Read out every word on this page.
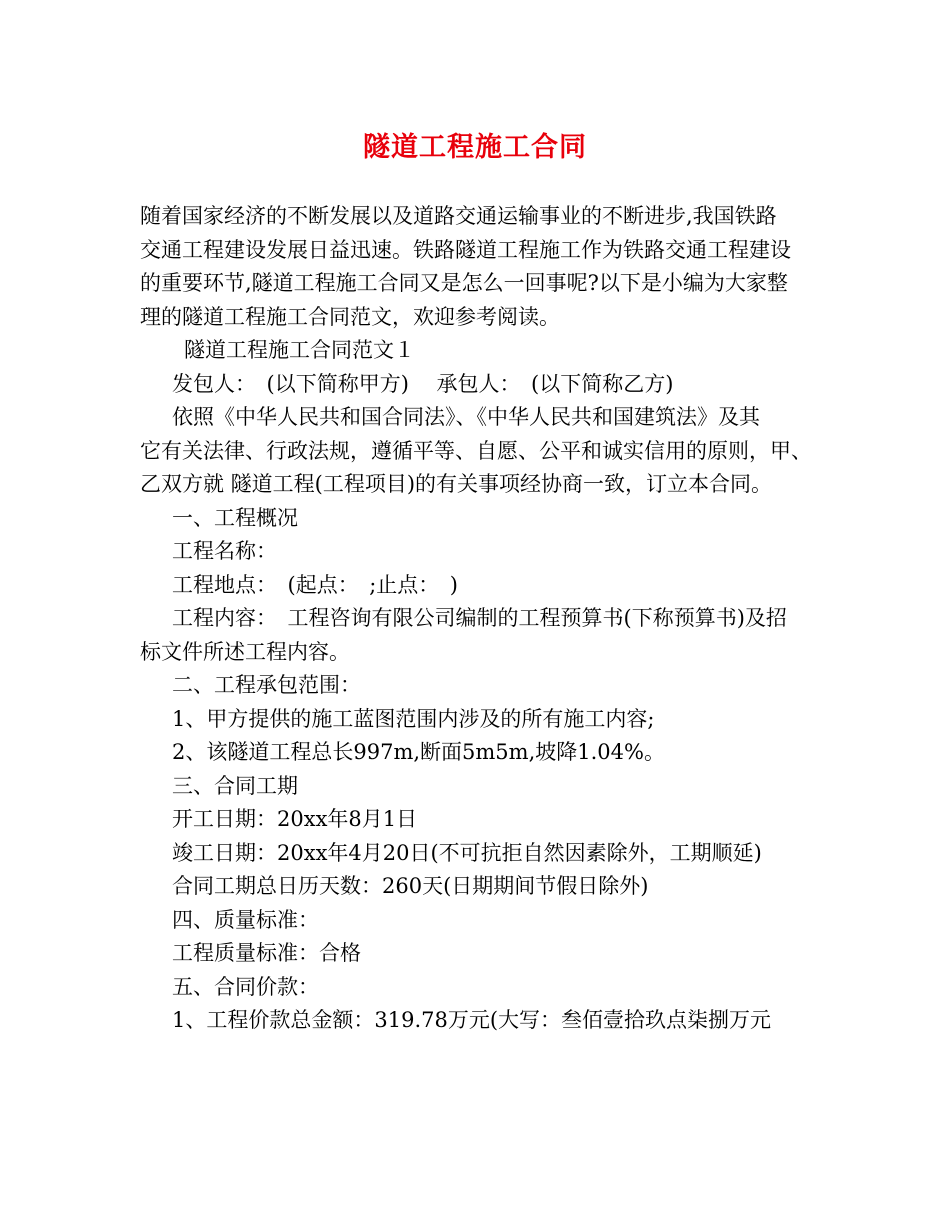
隧道工程施工合同

随着国家经济的不断发展以及道路交通运输事业的不断进步,我国铁路

交通工程建设发展日益迅速。铁路隧道工程施工作为铁路交通工程建设

的重要环节,隧道工程施工合同又是怎么一回事呢?以下是小编为大家整

理的隧道工程施工合同范文，欢迎参考阅读。

隧道工程施工合同范文１

发包人：　(以下简称甲方)　 承包人：　(以下简称乙方)

依照《中华人民共和国合同法》、《中华人民共和国建筑法》及其

它有关法律、行政法规，遵循平等、自愿、公平和诚实信用的原则，甲、

乙双方就 隧道工程(工程项目)的有关事项经协商一致，订立本合同。

一、工程概况

工程名称：

工程地点：　(起点：　;止点：　)

工程内容：　工程咨询有限公司编制的工程预算书(下称预算书)及招

标文件所述工程内容。

二、工程承包范围：

1、甲方提供的施工蓝图范围内涉及的所有施工内容;

2、该隧道工程总长997m,断面5m5m,坡降1.04%。

三、合同工期

开工日期：20xx年8月1日

竣工日期：20xx年4月20日(不可抗拒自然因素除外，工期顺延)

合同工期总日历天数：260天(日期期间节假日除外)

四、质量标准：

工程质量标准：合格

五、合同价款：

1、工程价款总金额：319.78万元(大写：叁佰壹拾玖点柒捌万元
